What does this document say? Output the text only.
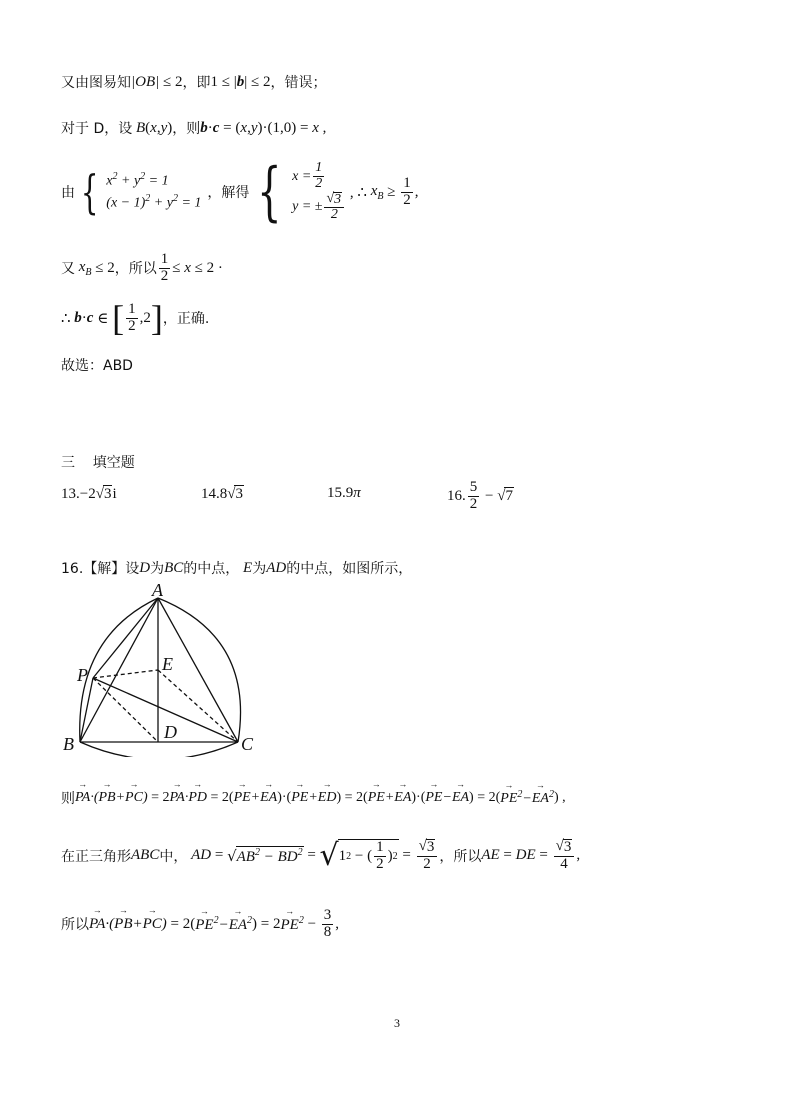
又由图易知 |OB| ≤ 2 ，即 1 ≤ | b | ≤ 2 ，错误；
对于 D，设 B ( x , y ) ，则 b · c = ( x , y )·(1,0) = x ,
由 { $x^2 + y^2 = 1$
$(x - 1)^2 + y^2 = 1$
，解得 { $x = \frac{1}{2}$
y = ± $\frac{√ 3}{2}$ , ∴ $x_B \ge \frac{1}{2}$ ,
又 $x_B \le 2$ ，所以 $\frac{1}{2} \le x \le 2$ ·
∴ b · c ∈ [ $\frac{1}{2} ,2$ ] ，正确.
故选：ABD
三    填空题
13. −2 √ 3 i	14. 8 √ 3	15. 9 π	16. $\frac{5}{2}$ − √ 7
16.【解】设 D 为 BC 的中点， E 为 AD 的中点，如图所示，
A
P
E
B
D
C
则 PA →·(PB →+PC →) = 2 PA →·PD → = 2( PE →+EA → )·( PE →+ED → ) = 2( PE →+EA → )·( PE →−EA → ) = 2( PE →$^2$−EA →$^2$ ) ,
在正三角形 ABC 中， AD = √ $AB^2 - BD^2$ = √ 1 2 − ( $\frac{1}{2}$ ) $2 = \frac{√ 3}{2}$ ，所以 AE = DE = $\frac{√ 3}{4}$ ,
所以 PA →·(PB →+PC →) = 2( PE →$^2$−EA →$^2$ ) = 2 PE $\to^2 - \frac{3}{8}$ ,
3
